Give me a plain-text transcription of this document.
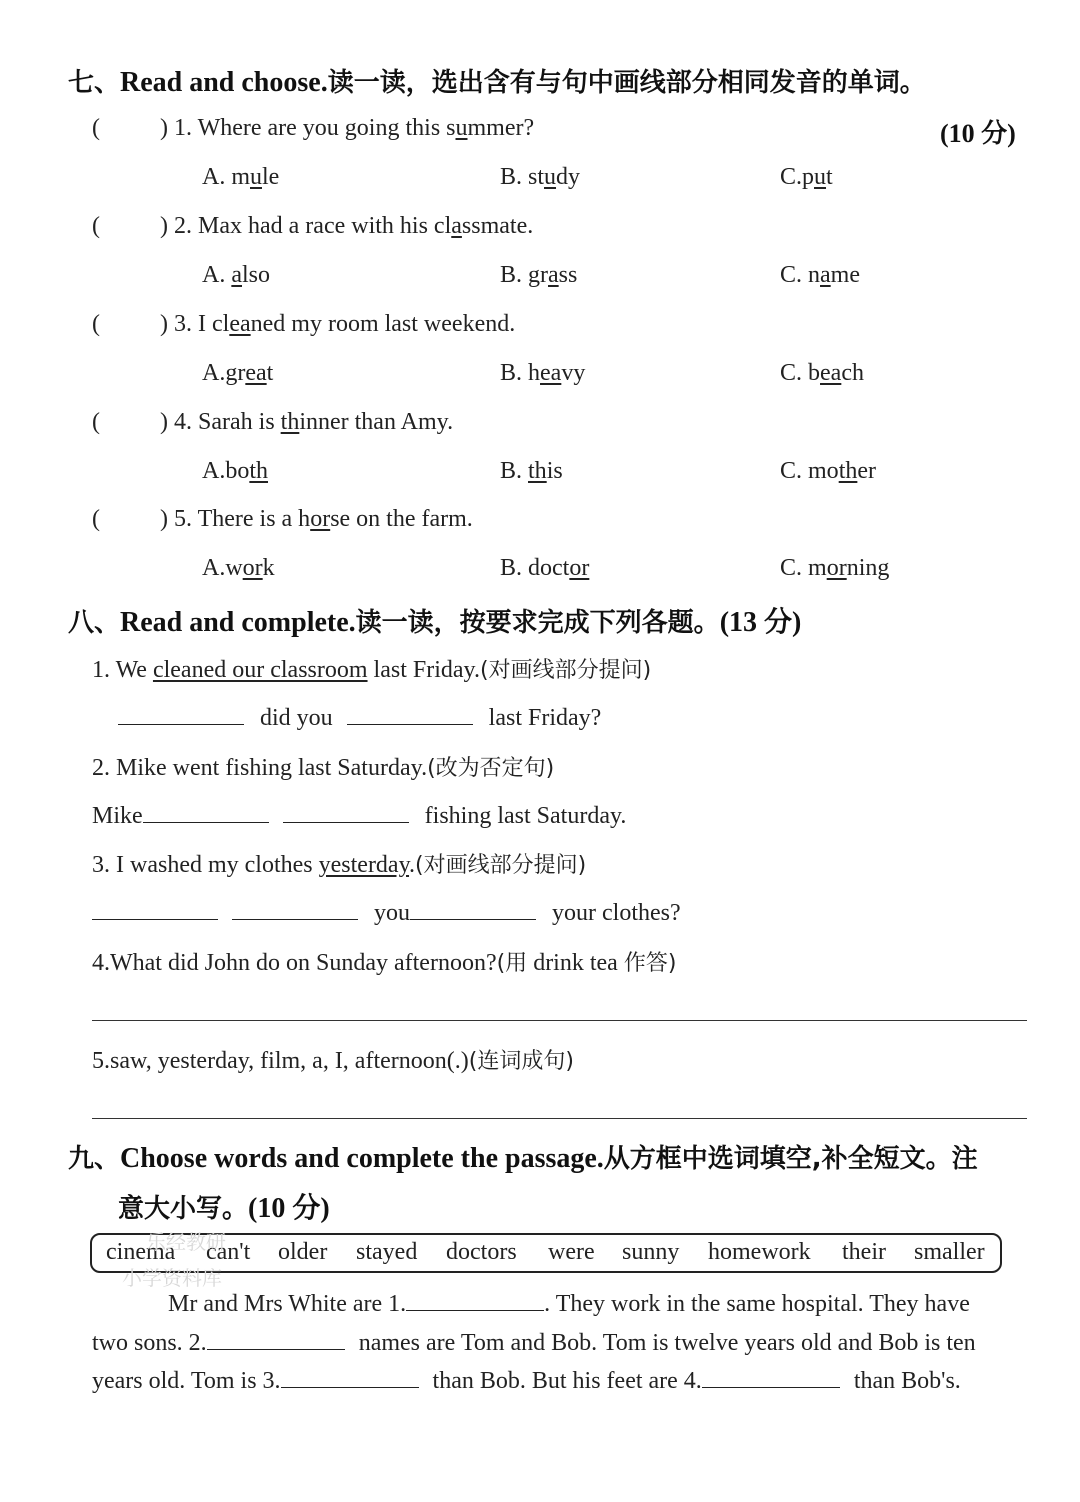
七、Read and choose.读一读，选出含有与句中画线部分相同发音的单词。
(10 分)
(	) 1. Where are you going this summer?
A. mule	B. study	C.put
(	) 2. Max had a race with his classmate.
A. also	B. grass	C. name
(	) 3. I cleaned my room last weekend.
A.great	B. heavy	C. beach
(	) 4. Sarah is thinner than Amy.
A.both	B. this	C. mother
(	) 5. There is a horse on the farm.
A.work	B. doctor	C. morning
八、Read and complete.读一读，按要求完成下列各题。(13 分)
1. We cleaned our classroom last Friday.(对画线部分提问)
did you	last Friday?
2. Mike went fishing last Saturday.(改为否定句)
Mike	fishing last Saturday.
3. I washed my clothes yesterday.(对画线部分提问)
you	your clothes?
4.What did John do on Sunday afternoon?(用 drink tea 作答)
5.saw, yesterday, film, a, I, afternoon(.)(连词成句)
九、Choose words and complete the passage.从方框中选词填空,补全短文。注
意大小写。(10 分)
cinema can't older stayed doctors were sunny homework their smaller
乐经教研
小学资料库
Mr and Mrs White are 1.	. They work in the same hospital. They have
two sons. 2.	names are Tom and Bob. Tom is twelve years old and Bob is ten
years old. Tom is 3.	than Bob. But his feet are 4.	than Bob's.
